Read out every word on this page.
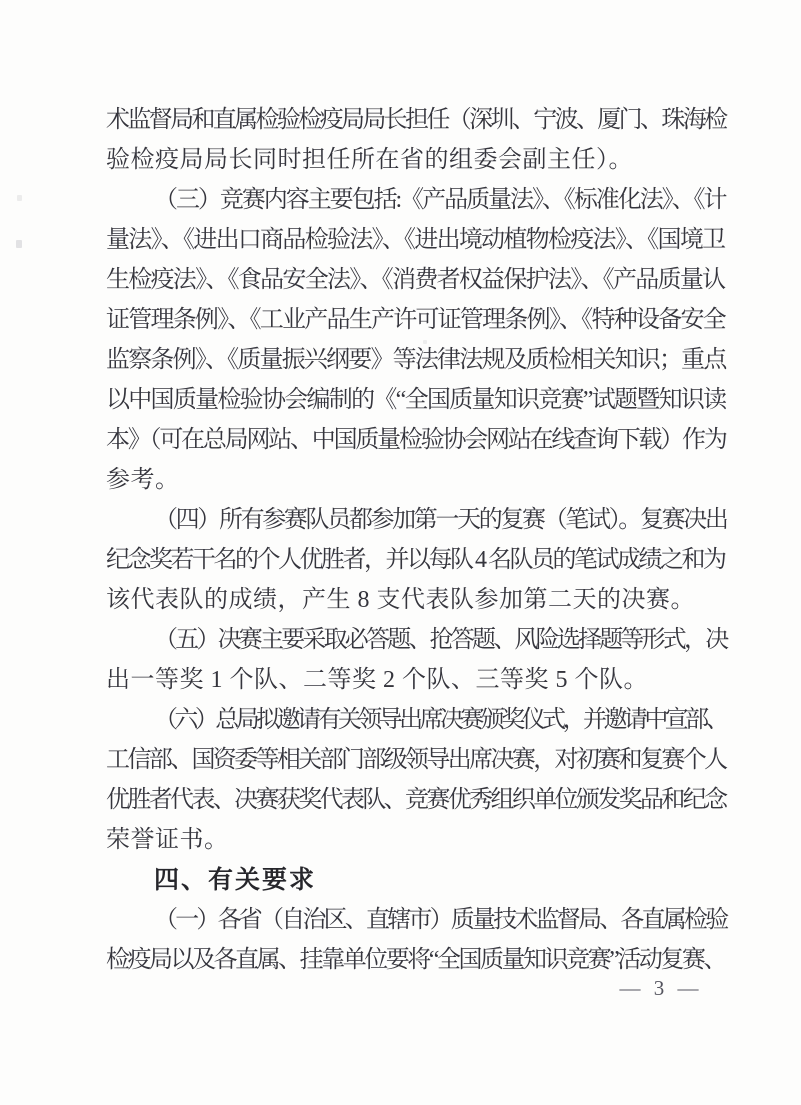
术监督局和直属检验检疫局局长担任（深圳、宁波、厦门、珠海检
验检疫局局长同时担任所在省的组委会副主任）。
（三）竞赛内容主要包括:《产品质量法》、《标准化法》、《计
量法》、《进出口商品检验法》、《进出境动植物检疫法》、《国境卫
生检疫法》、《食品安全法》、《消费者权益保护法》、《产品质量认
证管理条例》、《工业产品生产许可证管理条例》、《特种设备安全
监察条例》、《质量振兴纲要》等法律法规及质检相关知识；重点
以中国质量检验协会编制的《“全国质量知识竞赛”试题暨知识读
本》（可在总局网站、中国质量检验协会网站在线查询下载）作为
参考。
（四）所有参赛队员都参加第一天的复赛（笔试）。复赛决出
纪念奖若干名的个人优胜者，并以每队 4 名队员的笔试成绩之和为
该代表队的成绩，产生 8 支代表队参加第二天的决赛。
（五）决赛主要采取必答题、抢答题、风险选择题等形式，决
出一等奖 1 个队、二等奖 2 个队、三等奖 5 个队。
（六）总局拟邀请有关领导出席决赛颁奖仪式，并邀请中宣部、
工信部、国资委等相关部门部级领导出席决赛，对初赛和复赛个人
优胜者代表、决赛获奖代表队、竞赛优秀组织单位颁发奖品和纪念
荣誉证书。
四、有关要求
（一）各省（自治区、直辖市）质量技术监督局、各直属检验
检疫局以及各直属、挂靠单位要将“全国质量知识竞赛”活动复赛、
— 3 —
